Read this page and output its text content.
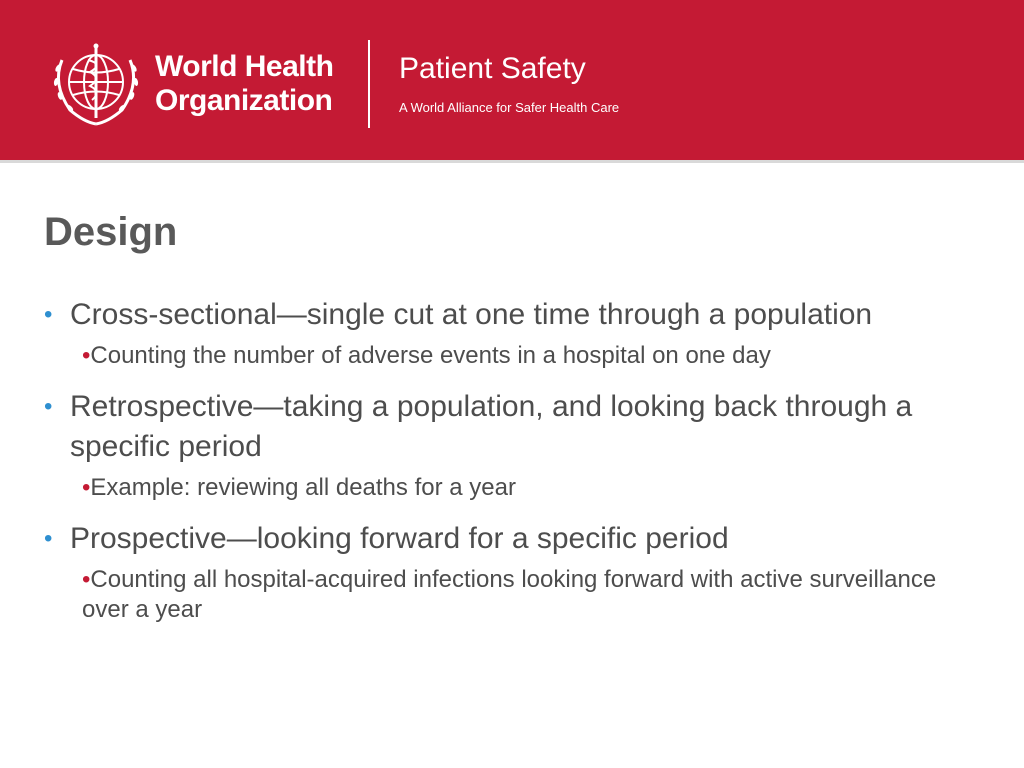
World Health
Organization
Patient Safety
A World Alliance for Safer Health Care
Design
• Cross-sectional—single cut at one time through a population
•Counting the number of adverse events in a hospital on one day
• Retrospective—taking a population, and looking back through a specific period
•Example: reviewing all deaths for a year
• Prospective—looking forward for a specific period
•Counting all hospital-acquired infections looking forward with active surveillance over a year
